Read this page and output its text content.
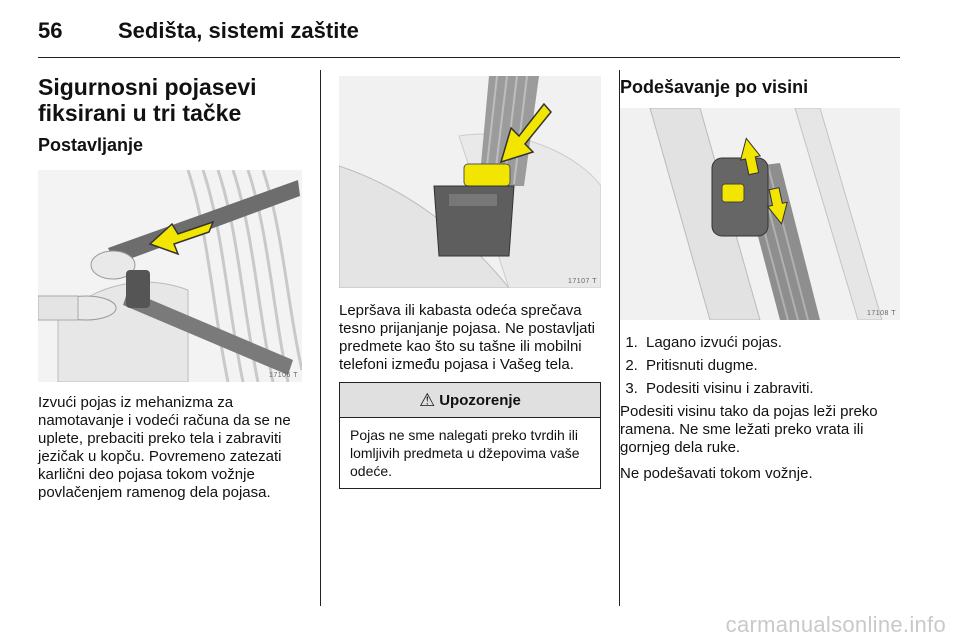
56	Sedišta, sistemi zaštite
Sigurnosni pojasevi
fiksirani u tri tačke
Postavljanje
17106 T

Izvući pojas iz mehanizma za namotavanje i vodeći računa da se ne uplete, prebaciti preko tela i zabraviti jezičak u kopču. Povremeno zatezati karlični deo pojasa tokom vožnje povlačenjem ramenog dela pojasa.

17107 T

Lepršava ili kabasta odeća sprečava tesno prijanjanje pojasa. Ne postavljati predmete kao što su tašne ili mobilni telefoni između pojasa i Vašeg tela.

⚠ Upozorenje
Pojas ne sme nalegati preko tvrdih ili lomljivih predmeta u džepovima vaše odeće.
Podešavanje po visini
17108 T
1. Lagano izvući pojas.
2. Pritisnuti dugme.
3. Podesiti visinu i zabraviti.

Podesiti visinu tako da pojas leži preko ramena. Ne sme ležati preko vrata ili gornjeg dela ruke.

Ne podešavati tokom vožnje.

carmanualsonline.info
